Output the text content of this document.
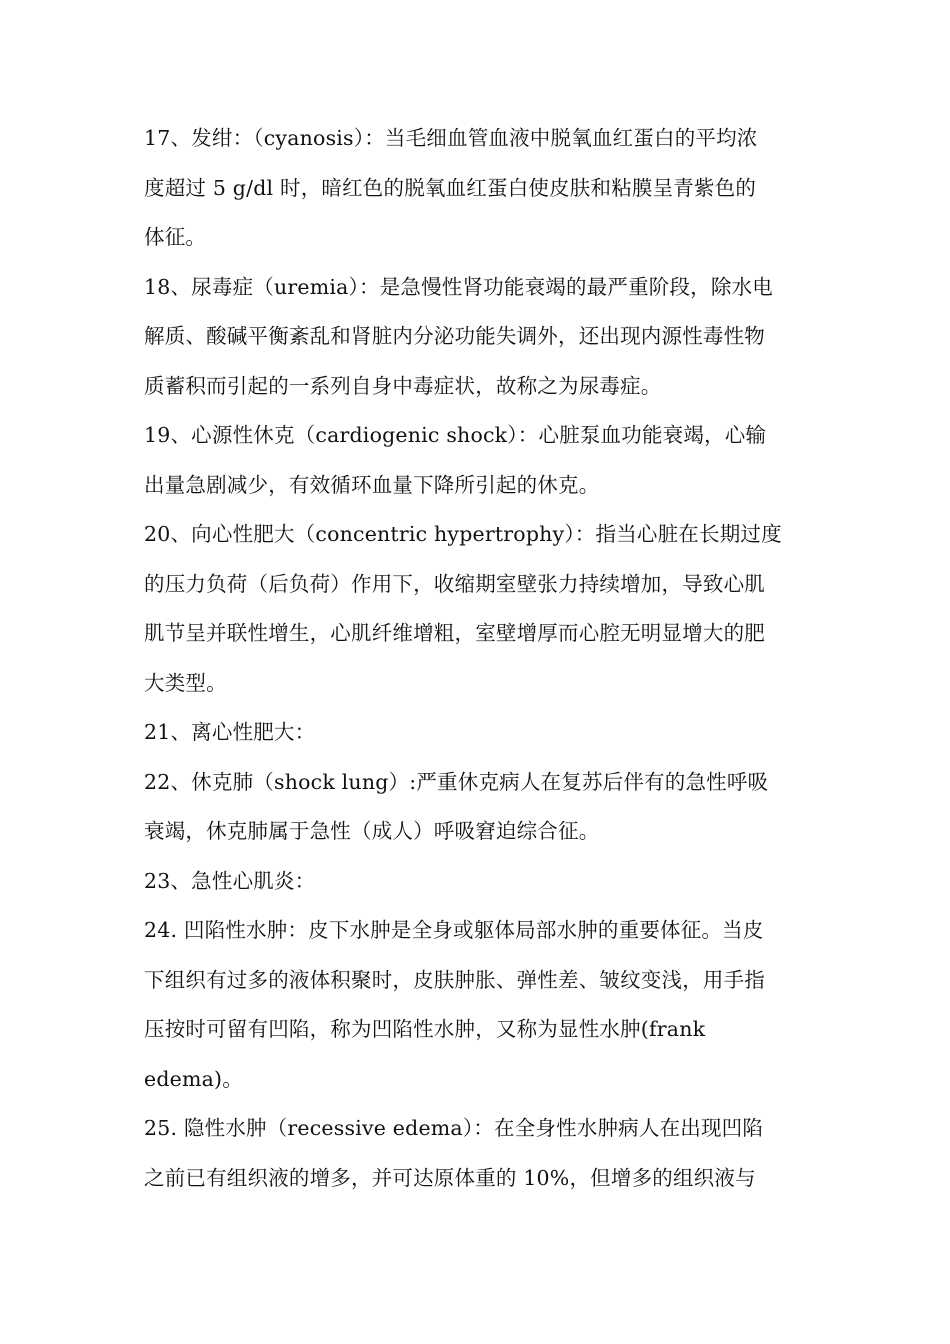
17、发绀：（cyanosis）：当毛细血管血液中脱氧血红蛋白的平均浓
度超过 5 g/dl 时，暗红色的脱氧血红蛋白使皮肤和粘膜呈青紫色的
体征。
18、尿毒症（uremia）：是急慢性肾功能衰竭的最严重阶段，除水电
解质、酸碱平衡紊乱和肾脏内分泌功能失调外，还出现内源性毒性物
质蓄积而引起的一系列自身中毒症状，故称之为尿毒症。
19、心源性休克（cardiogenic shock）：心脏泵血功能衰竭，心输
出量急剧减少，有效循环血量下降所引起的休克。
20、向心性肥大（concentric hypertrophy）：指当心脏在长期过度
的压力负荷（后负荷）作用下，收缩期室壁张力持续增加，导致心肌
肌节呈并联性增生，心肌纤维增粗，室壁增厚而心腔无明显增大的肥
大类型。
21、离心性肥大：
22、休克肺（shock lung）:严重休克病人在复苏后伴有的急性呼吸
衰竭，休克肺属于急性（成人）呼吸窘迫综合征。
23、急性心肌炎：
24. 凹陷性水肿：皮下水肿是全身或躯体局部水肿的重要体征。当皮
下组织有过多的液体积聚时，皮肤肿胀、弹性差、皱纹变浅，用手指
压按时可留有凹陷，称为凹陷性水肿，又称为显性水肿(frank
edema)。
25. 隐性水肿（recessive edema）：在全身性水肿病人在出现凹陷
之前已有组织液的增多，并可达原体重的 10%，但增多的组织液与
